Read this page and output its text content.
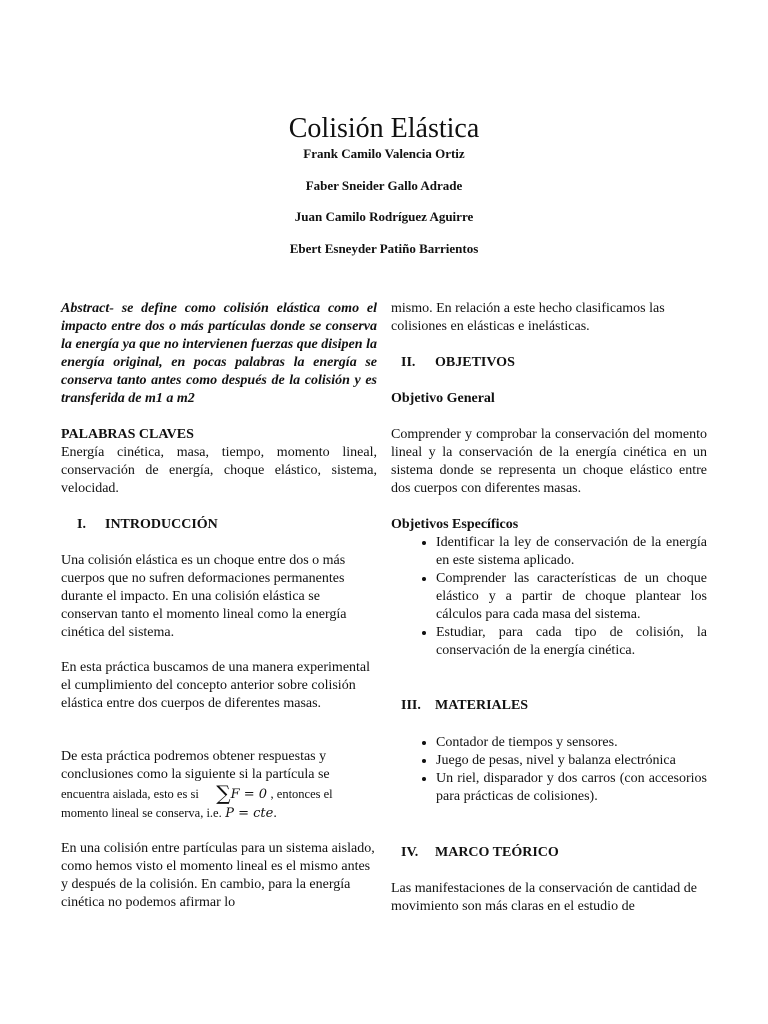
Colisión Elástica
Frank Camilo Valencia Ortiz
Faber Sneider Gallo Adrade
Juan Camilo Rodríguez Aguirre
Ebert Esneyder Patiño Barrientos

Abstract- se define como colisión elástica como el impacto entre dos o más partículas donde se conserva la energía ya que no intervienen fuerzas que disipen la energía original, en pocas palabras la energía se conserva tanto antes como después de la colisión y es transferida de m1 a m2

PALABRAS CLAVES

Energía cinética, masa, tiempo, momento lineal, conservación de energía, choque elástico, sistema, velocidad.

I.	INTRODUCCIÓN

Una colisión elástica es un choque entre dos o más cuerpos que no sufren deformaciones permanentes durante el impacto. En una colisión elástica se conservan tanto el momento lineal como la energía cinética del sistema.

En esta práctica buscamos de una manera experimental el cumplimiento del concepto anterior sobre colisión elástica entre dos cuerpos de diferentes masas.

De esta práctica podremos obtener respuestas y conclusiones como la siguiente si la partícula se encuentra aislada, esto es si ∑F = 0 , entonces el
momento lineal se conserva, i.e. P = cte.

En una colisión entre partículas para un sistema aislado, como hemos visto el momento lineal es el mismo antes y después de la colisión. En cambio, para la energía cinética no podemos afirmar lo

mismo. En relación a este hecho clasificamos las colisiones en elásticas e inelásticas.

II.	OBJETIVOS
Objetivo General

Comprender y comprobar la conservación del momento lineal y la conservación de la energía cinética en un sistema donde se representa un choque elástico entre dos cuerpos con diferentes masas.

Objetivos Específicos
• Identificar la ley de conservación de la energía en este sistema aplicado.
• Comprender las características de un choque elástico y a partir de choque plantear los cálculos para cada masa del sistema.
• Estudiar, para cada tipo de colisión, la conservación de la energía cinética.
III.	MATERIALES
• Contador de tiempos y sensores.
• Juego de pesas, nivel y balanza electrónica
• Un riel, disparador y dos carros (con accesorios para prácticas de colisiones).
IV.	MARCO TEÓRICO

Las manifestaciones de la conservación de cantidad de movimiento son más claras en el estudio de
